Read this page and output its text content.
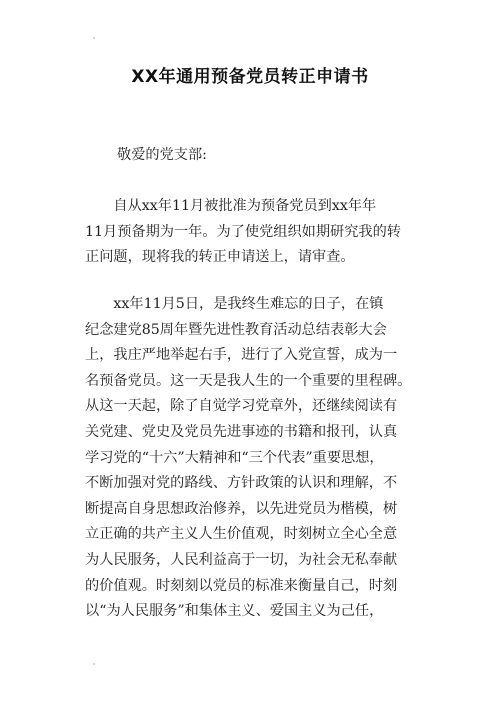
XX年通用预备党员转正申请书
敬爱的党支部:
　　自从xx年11月被批准为预备党员到xx年年
11月预备期为一年。为了使党组织如期研究我的转
正问题，现将我的转正申请送上，请审查。
　　xx年11月5日，是我终生难忘的日子，在镇
纪念建党85周年暨先进性教育活动总结表彰大会
上，我庄严地举起右手，进行了入党宣誓，成为一
名预备党员。这一天是我人生的一个重要的里程碑。
从这一天起，除了自觉学习党章外，还继续阅读有
关党建、党史及党员先进事迹的书籍和报刊，认真
学习党的“十六”大精神和“三个代表”重要思想，
不断加强对党的路线、方针政策的认识和理解，不
断提高自身思想政治修养，以先进党员为楷模，树
立正确的共产主义人生价值观，时刻树立全心全意
为人民服务，人民利益高于一切，为社会无私奉献
的价值观。时刻刻以党员的标准来衡量自己，时刻
以“为人民服务”和集体主义、爱国主义为己任，
